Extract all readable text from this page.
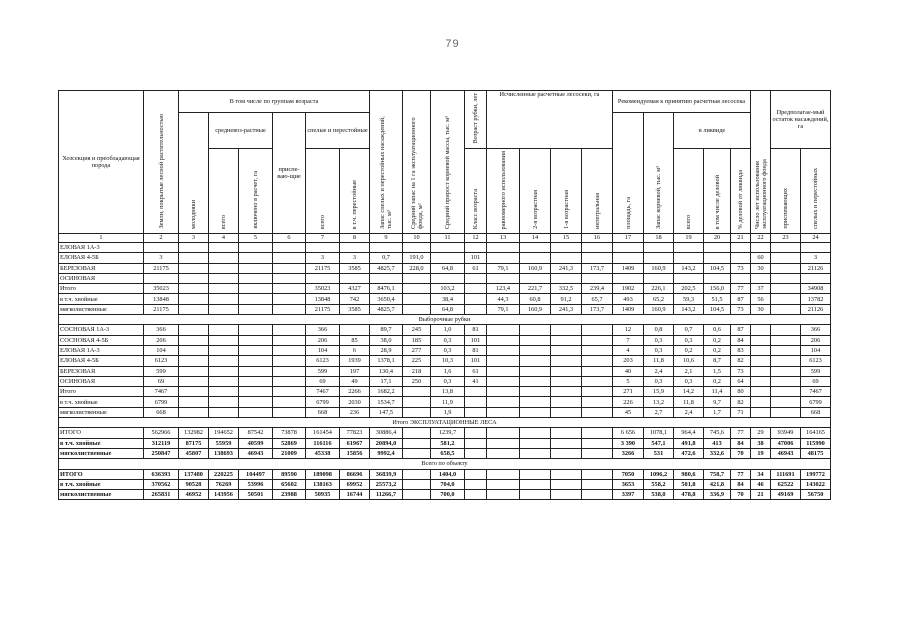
79
Хозсекция и преобладающая порода	Земли, покрытые лесной растительностью	В том числе по группам возраста						Запас спелых и перестойных насаждений, тыс. м³	Средний запас на 1 га эксплуатационного фонда, м³	Средний прирост корневой массы, тыс. м³	Возраст рубки, лет	Исчисленные расчетные лесосеки, га				Рекомендуемая к принятию расчетная лесосека					Число лет использования эксплуатационного фонда	Предполагае-мый остаток насаждений, га	
		молодняки	средневоз-растные		приспе-ваю-щие	спелые и перестойные										площадь, га	Запас корневой, тыс. м³	в ликвиде					
			всего	включено в расчет, га		всего	в т.ч. перестойные				Класс возраста	равномерного использования	2-я возрастная	1-я возрастная	интегральная			всего	в том числе деловой	% деловой от ликвида		приспевающих	спелых и перестойных
1	2	3	4	5	6	7	8	9	10	11	12	13	14	15	16	17	18	19	20	21	22	23	24
ЕЛОВАЯ 1А-3																							
ЕЛОВАЯ 4-5Б	3					3	3	0,7	191,0		101										60		3
БЕРЕЗОВАЯ	21175					21175	3585	4825,7	228,0	64,8	61	79,1	160,9	241,3	173,7	1409	160,9	143,2	104,5	73	30		21126
ОСИНОВАЯ																							
Итого	35023					35023	4327	8476,1		103,2		123,4	221,7	332,5	239,4	1902	226,1	202,5	156,0	77	37		34908
в т.ч. хвойные	13848					13848	742	3650,4		38,4		44,3	60,8	91,2	65,7	493	65,2	59,3	51,5	87	56		13782
мягколиственные	21175					21175	3585	4825,7		64,8		79,1	160,9	241,3	173,7	1409	160,9	143,2	104,5	73	30		21126
Выборочные рубки																							
СОСНОВАЯ 1А-3	366					366		89,7	245	1,0	81					12	0,8	0,7	0,6	87			366
СОСНОВАЯ 4-5Б	206					206	85	38,0	185	0,3	101					7	0,3	0,3	0,2	84			206
ЕЛОВАЯ 1А-3	104					104	6	28,9	277	0,3	81					4	0,3	0,2	0,2	83			104
ЕЛОВАЯ 4-5Б	6123					6123	1939	1378,1	225	10,3	101					203	11,8	10,6	8,7	82			6123
БЕРЕЗОВАЯ	599					599	197	130,4	218	1,6	61					40	2,4	2,1	1,5	73			599
ОСИНОВАЯ	69					69	49	17,1	250	0,3	41					5	0,3	0,3	0,2	64			69
Итого	7467					7467	2266	1682,2		13,8						271	15,9	14,2	11,4	80			7467
в т.ч. хвойные	6799					6799	2030	1534,7		11,9						226	13,2	11,8	9,7	82			6799
мягколиственные	668					668	236	147,5		1,9						45	2,7	2,4	1,7	71			668
Итого ЭКСПЛУАТАЦИОННЫЕ ЛЕСА																							
ИТОГО	562966	132982	194652	87542	73878	161454	77823	30886,4		1239,7						6 656	1078,1	964,4	745,6	77	29	93949	164165
в т.ч. хвойные	312119	87175	55959	40599	52869	116116	61967	20894,0		581,2						3 390	547,1	491,8	413	84	38	47006	115990
мягколиственные	250847	45807	138693	46943	21009	45338	15856	9992,4		658,5						3266	531	472,6	332,6	70	19	46943	48175
Всего по объекту																							
ИТОГО	636393	137480	220225	104497	89590	189098	86696	36839,9		1404,0						7050	1096,2	980,6	758,7	77	34	111691	199772
в т.ч. хвойные	370562	90528	76269	53996	65602	138163	69952	25573,2		704,0						3653	558,2	501,8	421,8	84	46	62522	143022
мягколиственные	265831	46952	143956	50501	23988	50935	16744	11266,7		700,0						3397	538,0	478,8	336,9	70	21	49169	56750
